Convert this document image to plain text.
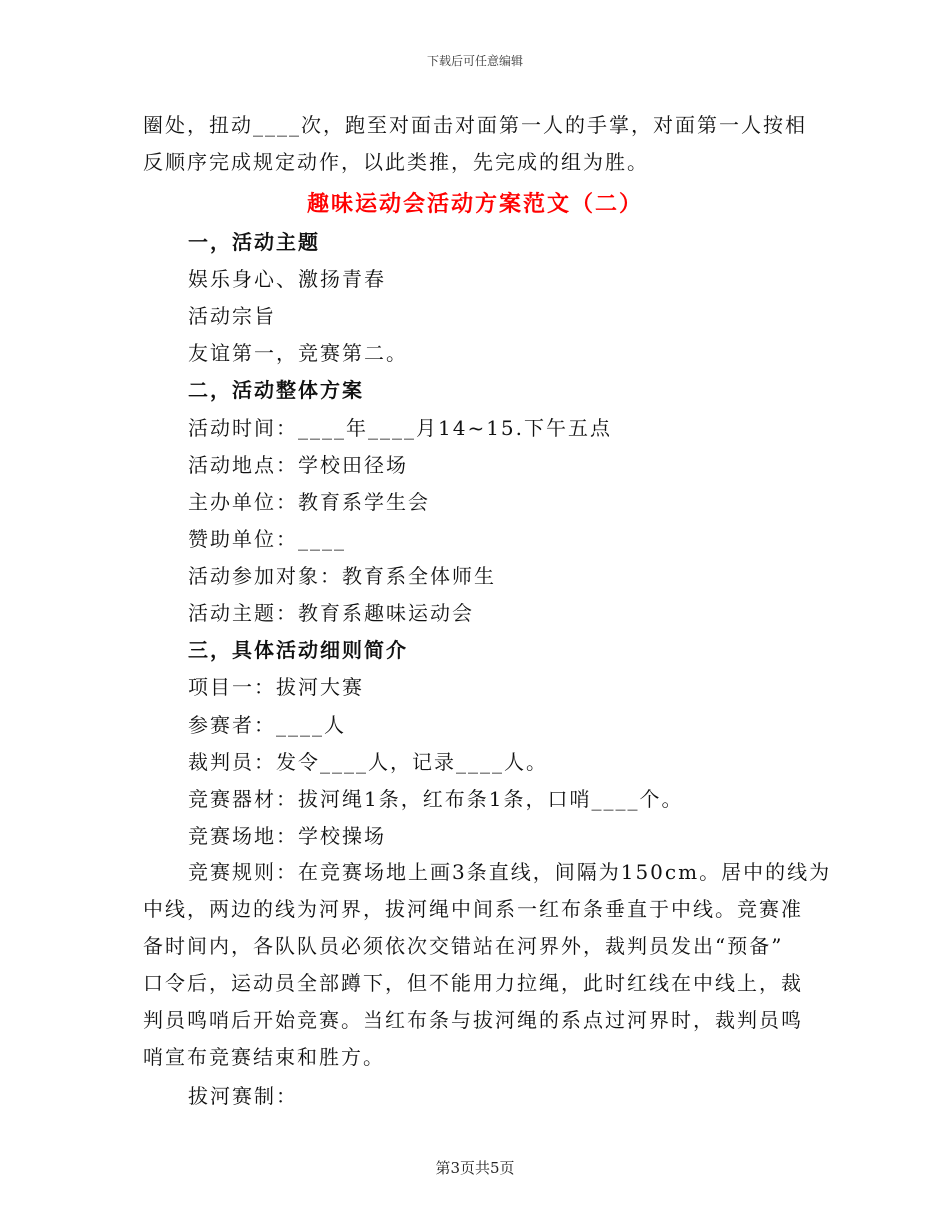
下载后可任意编辑
圈处，扭动____次，跑至对面击对面第一人的手掌，对面第一人按相
反顺序完成规定动作，以此类推，先完成的组为胜。
趣味运动会活动方案范文（二）
一，活动主题
娱乐身心、激扬青春
活动宗旨
友谊第一，竞赛第二。
二，活动整体方案
活动时间：____年____月14~15.下午五点
活动地点：学校田径场
主办单位：教育系学生会
赞助单位：____
活动参加对象：教育系全体师生
活动主题：教育系趣味运动会
三，具体活动细则简介
项目一：拔河大赛
参赛者：____人
裁判员：发令____人，记录____人。
竞赛器材：拔河绳1条，红布条1条，口哨____个。
竞赛场地：学校操场
竞赛规则：在竞赛场地上画3条直线，间隔为150cm。居中的线为
中线，两边的线为河界，拔河绳中间系一红布条垂直于中线。竞赛准
备时间内，各队队员必须依次交错站在河界外，裁判员发出“预备”
口令后，运动员全部蹲下，但不能用力拉绳，此时红线在中线上，裁
判员鸣哨后开始竞赛。当红布条与拔河绳的系点过河界时，裁判员鸣
哨宣布竞赛结束和胜方。
拔河赛制：
第3页共5页
